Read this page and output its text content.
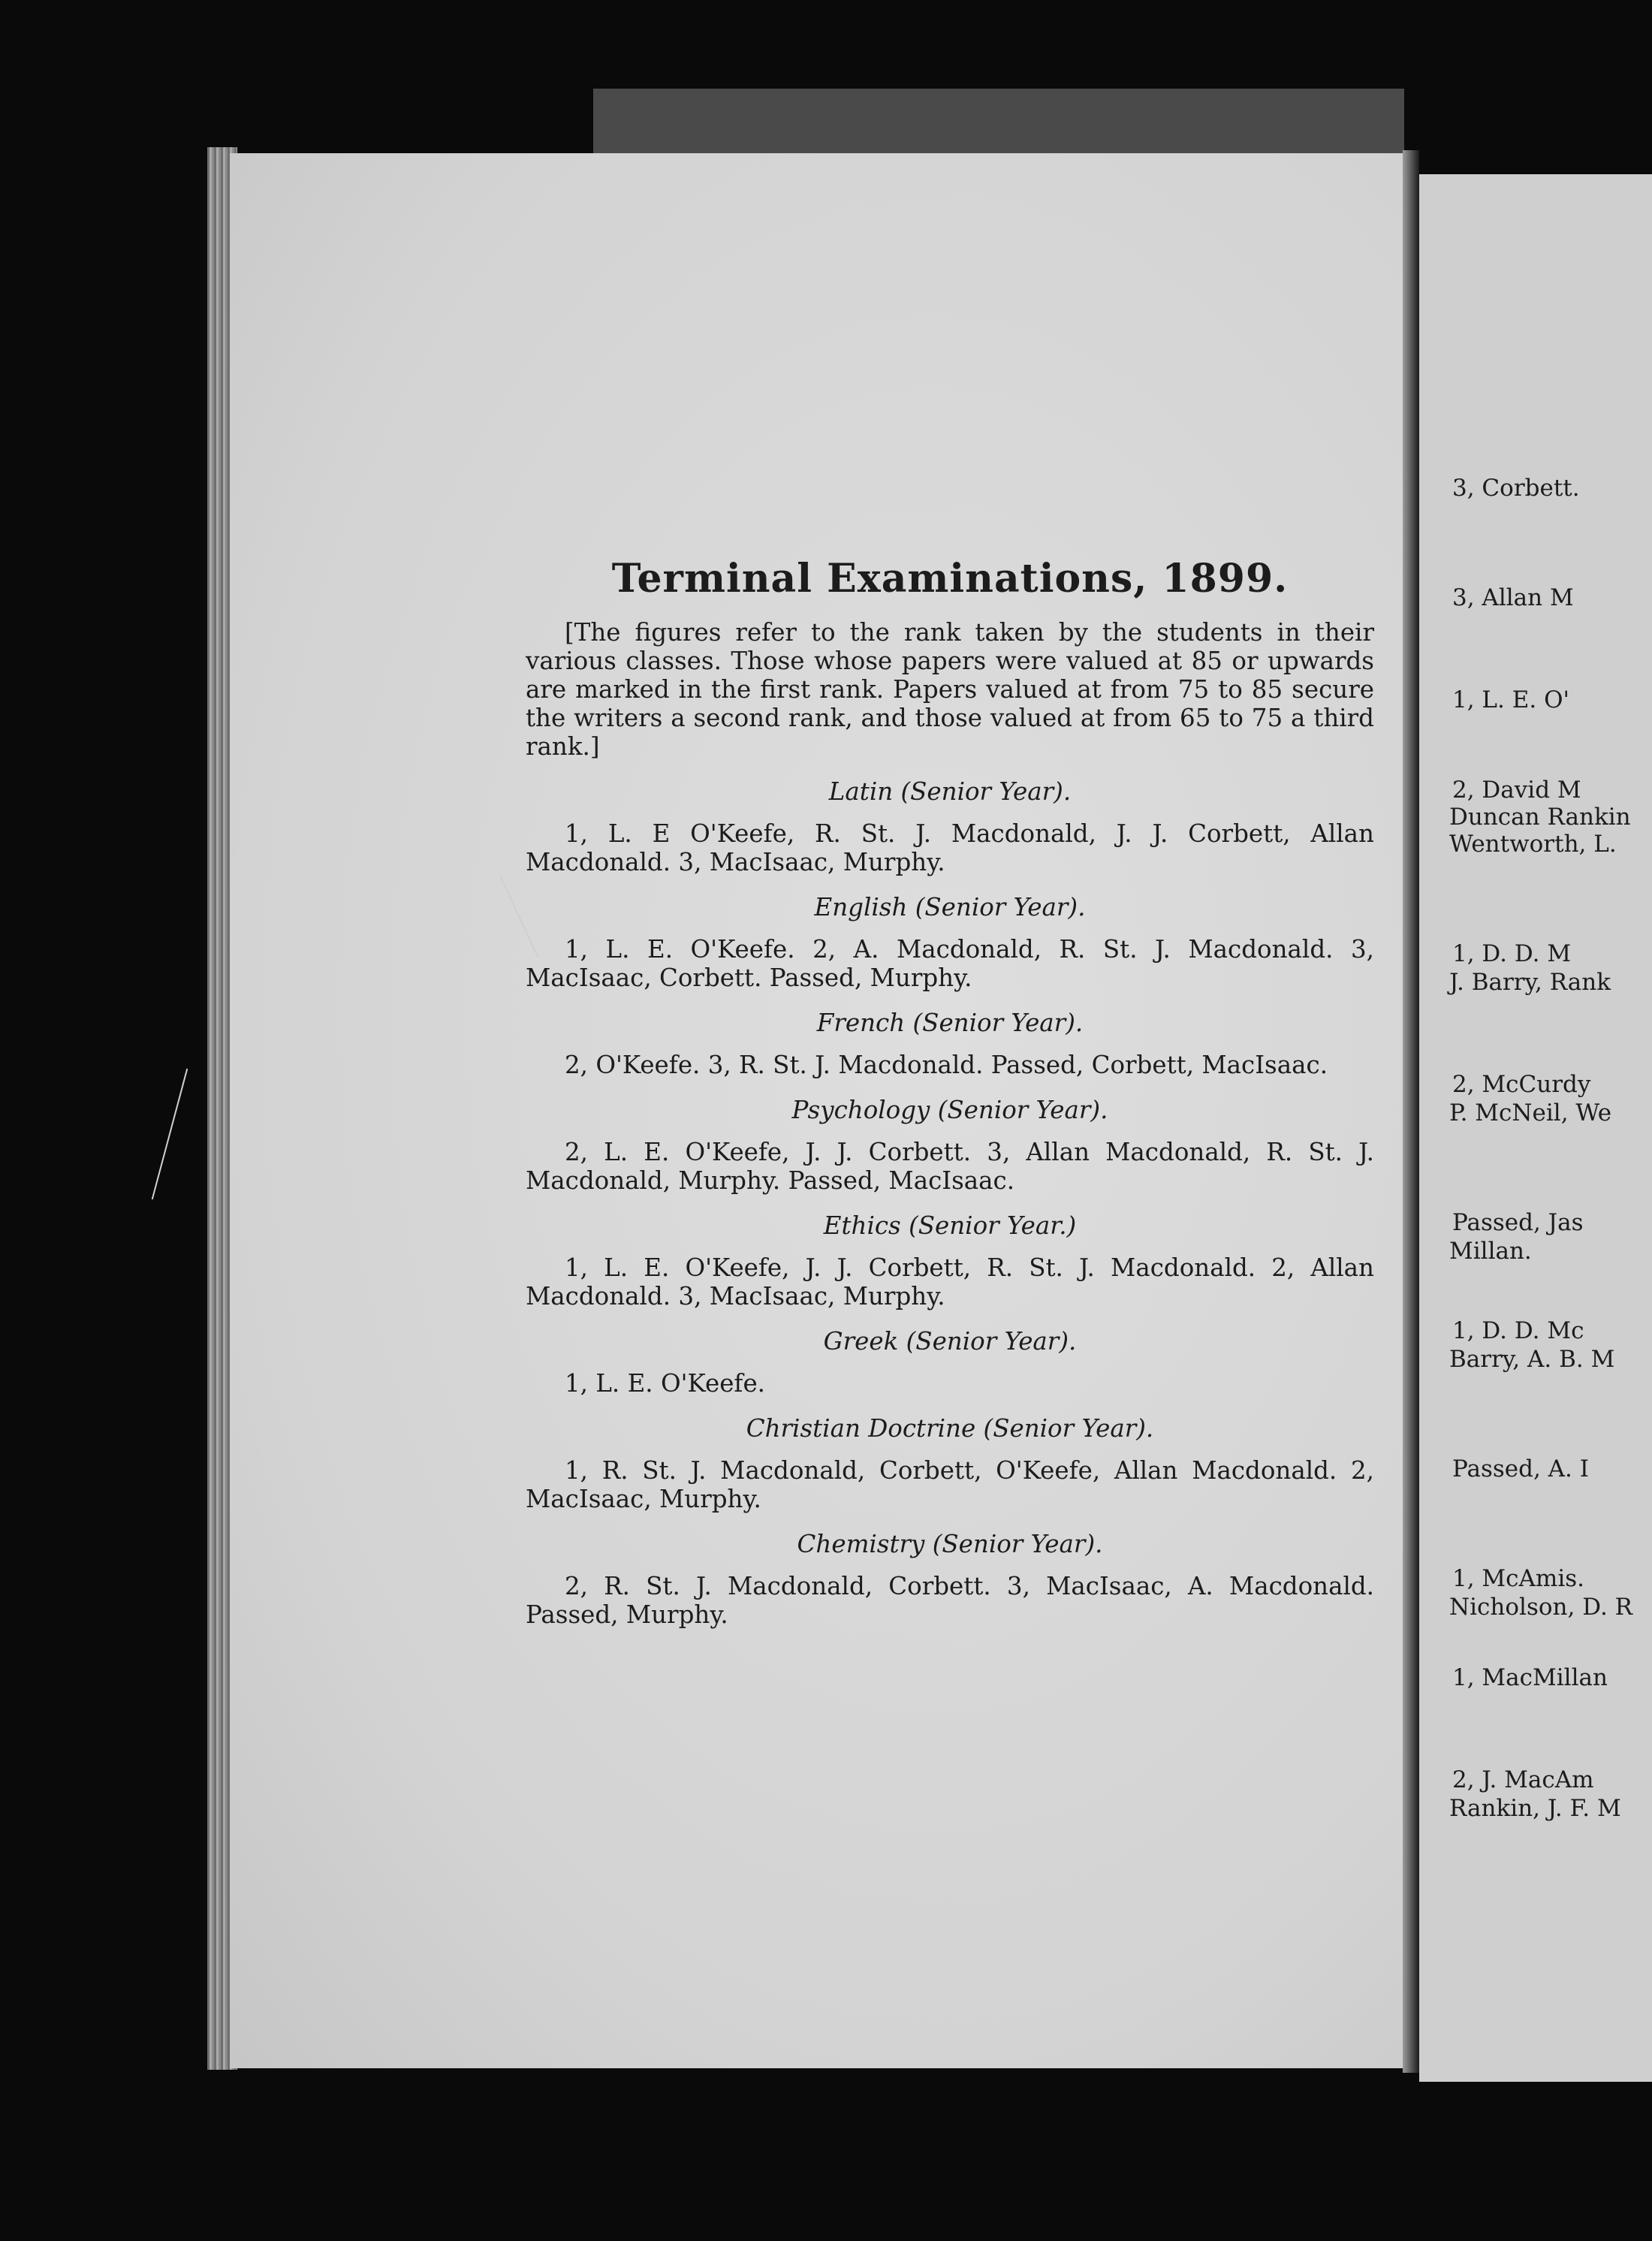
Terminal Examinations, 1899.

[The figures refer to the rank taken by the students in their various classes. Those whose papers were valued at 85 or upwards are marked in the first rank. Papers valued at from 75 to 85 secure the writers a second rank, and those valued at from 65 to 75 a third rank.]

Latin (Senior Year).

1, L. E O'Keefe, R. St. J. Macdonald, J. J. Corbett, Allan Macdonald. 3, MacIsaac, Murphy.

English (Senior Year).

1, L. E. O'Keefe. 2, A. Macdonald, R. St. J. Macdonald. 3, MacIsaac, Corbett. Passed, Murphy.

French (Senior Year).

2, O'Keefe. 3, R. St. J. Macdonald. Passed, Corbett, MacIsaac.

Psychology (Senior Year).

2, L. E. O'Keefe, J. J. Corbett. 3, Allan Macdonald, R. St. J. Macdonald, Murphy. Passed, MacIsaac.

Ethics (Senior Year.)

1, L. E. O'Keefe, J. J. Corbett, R. St. J. Macdonald. 2, Allan Macdonald. 3, MacIsaac, Murphy.

Greek (Senior Year).

1, L. E. O'Keefe.

Christian Doctrine (Senior Year).

1, R. St. J. Macdonald, Corbett, O'Keefe, Allan Macdonald. 2, MacIsaac, Murphy.

Chemistry (Senior Year).

2, R. St. J. Macdonald, Corbett. 3, MacIsaac, A. Macdonald. Passed, Murphy.

3, Corbett.
3, Allan M
1, L. E. O'
2, David M
Duncan Rankin
Wentworth, L.
1, D. D. M
J. Barry, Rank
2, McCurdy
P. McNeil, We
Passed, Jas
Millan.
1, D. D. Mc
Barry, A. B. M
Passed, A. I
1, McAmis.
Nicholson, D. R
1, MacMillan
2, J. MacAm
Rankin, J. F. M
